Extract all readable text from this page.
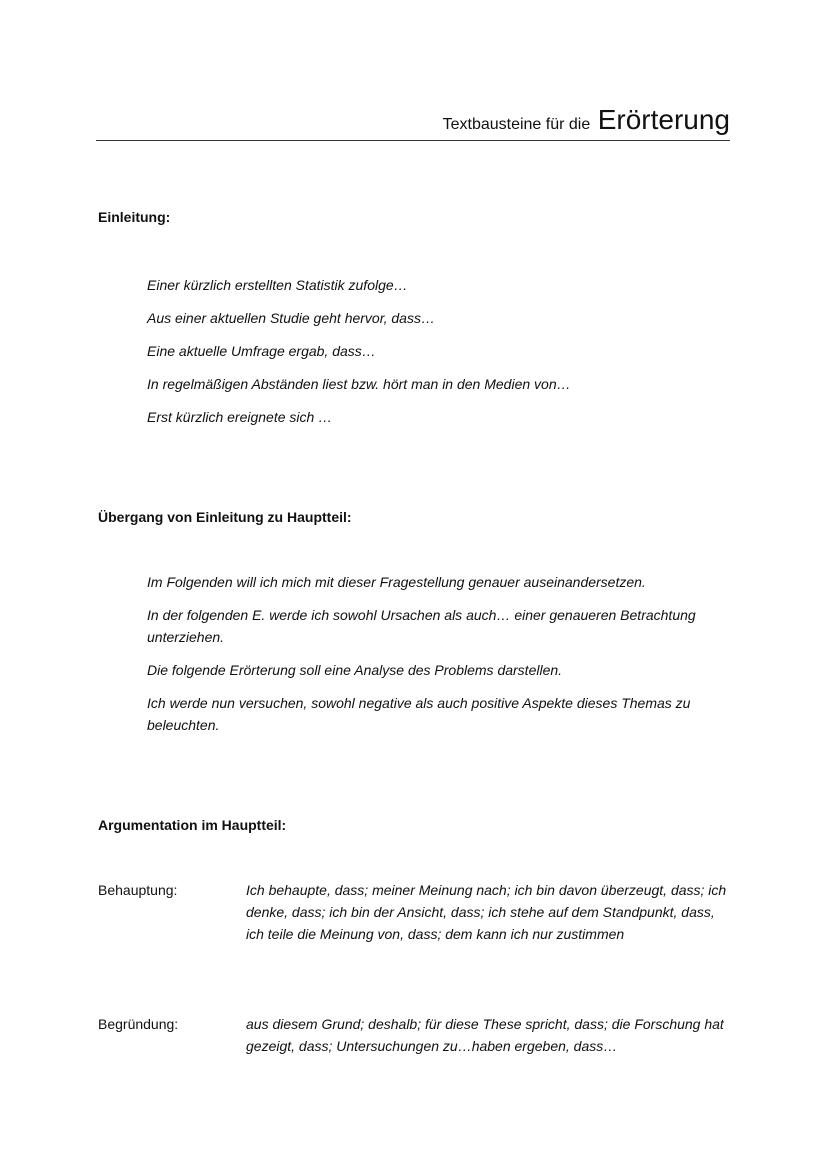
Textbausteine für die Erörterung
Einleitung:
Einer kürzlich erstellten Statistik zufolge…
Aus einer aktuellen Studie geht hervor, dass…
Eine aktuelle Umfrage ergab, dass…
In regelmäßigen Abständen liest bzw. hört man in den Medien von…
Erst kürzlich ereignete sich …
Übergang von Einleitung zu Hauptteil:
Im Folgenden will ich mich mit dieser Fragestellung genauer auseinandersetzen.
In der folgenden E. werde ich sowohl Ursachen als auch… einer genaueren Betrachtung unterziehen.
Die folgende Erörterung soll eine Analyse des Problems darstellen.
Ich werde nun versuchen, sowohl negative als auch positive Aspekte dieses Themas zu beleuchten.
Argumentation im Hauptteil:
Behauptung:	Ich behaupte, dass; meiner Meinung nach; ich bin davon überzeugt, dass; ich denke, dass; ich bin der Ansicht, dass; ich stehe auf dem Standpunkt, dass, ich teile die Meinung von, dass; dem kann ich nur zustimmen
Begründung:	aus diesem Grund; deshalb; für diese These spricht, dass; die Forschung hat gezeigt, dass; Untersuchungen zu…haben ergeben, dass…
